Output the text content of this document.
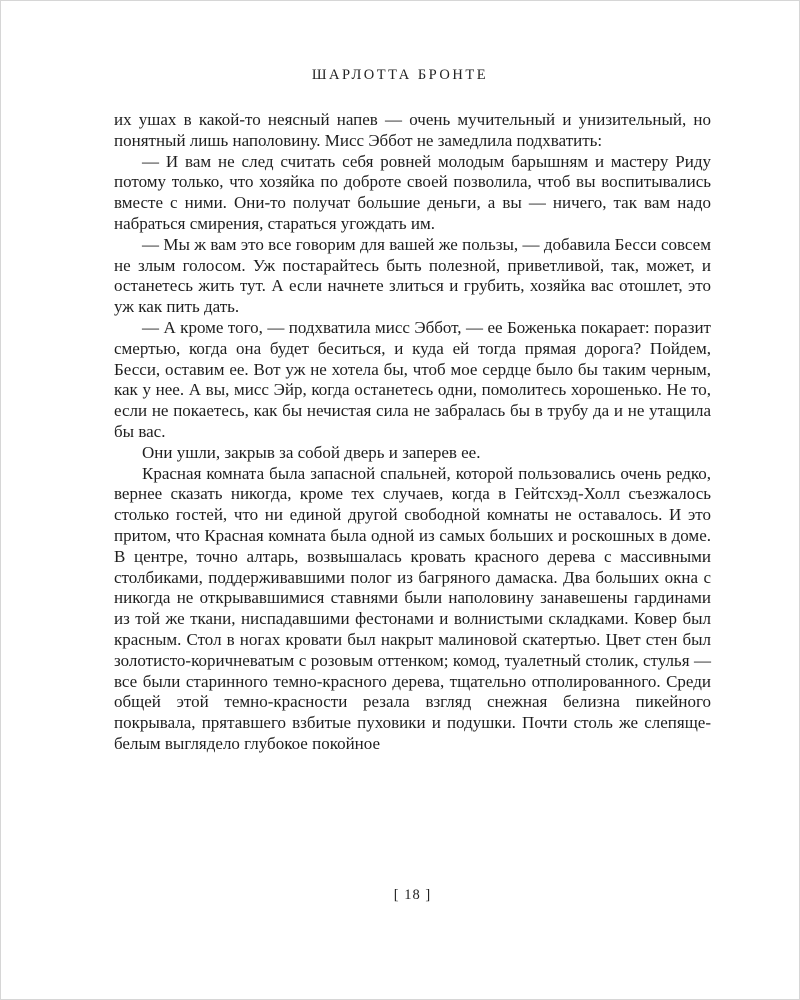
ШАРЛОТТА БРОНТЕ

их ушах в какой-то неясный напев — очень мучительный и унизительный, но понятный лишь наполовину. Мисс Эббот не замедлила подхватить:

— И вам не след считать себя ровней молодым барышням и мастеру Риду потому только, что хозяйка по доброте своей позволила, чтоб вы воспитывались вместе с ними. Они-то получат большие деньги, а вы — ничего, так вам надо набраться смирения, стараться угождать им.

— Мы ж вам это все говорим для вашей же пользы, — добавила Бесси совсем не злым голосом. Уж постарайтесь быть полезной, приветливой, так, может, и останетесь жить тут. А если начнете злиться и грубить, хозяйка вас отошлет, это уж как пить дать.

— А кроме того, — подхватила мисс Эббот, — ее Боженька покарает: поразит смертью, когда она будет беситься, и куда ей тогда прямая дорога? Пойдем, Бесси, оставим ее. Вот уж не хотела бы, чтоб мое сердце было бы таким черным, как у нее. А вы, мисс Эйр, когда останетесь одни, помолитесь хорошенько. Не то, если не покаетесь, как бы нечистая сила не забралась бы в трубу да и не утащила бы вас.

Они ушли, закрыв за собой дверь и заперев ее.

Красная комната была запасной спальней, которой пользовались очень редко, вернее сказать никогда, кроме тех случаев, когда в Гейтсхэд-Холл съезжалось столько гостей, что ни единой другой свободной комнаты не оставалось. И это притом, что Красная комната была одной из самых больших и роскошных в доме. В центре, точно алтарь, возвышалась кровать красного дерева с массивными столбиками, поддерживавшими полог из багряного дамаска. Два больших окна с никогда не открывавшимися ставнями были наполовину занавешены гардинами из той же ткани, ниспадавшими фестонами и волнистыми складками. Ковер был красным. Стол в ногах кровати был накрыт малиновой скатертью. Цвет стен был золотисто-коричневатым с розовым оттенком; комод, туалетный столик, стулья — все были старинного темно-красного дерева, тщательно отполированного. Среди общей этой темно-красности резала взгляд снежная белизна пикейного покрывала, прятавшего взбитые пуховики и подушки. Почти столь же слепяще-белым выглядело глубокое покойное

[ 18 ]
